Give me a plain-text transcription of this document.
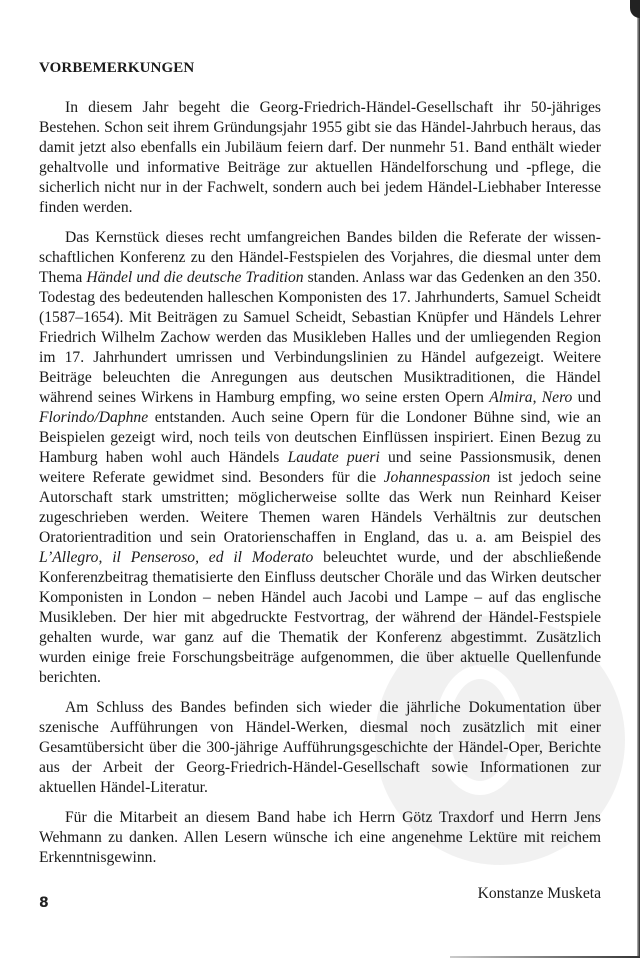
VORBEMERKUNGEN

In diesem Jahr begeht die Georg-Friedrich-Händel-Gesellschaft ihr 50-jähriges Bestehen. Schon seit ihrem Gründungsjahr 1955 gibt sie das Händel-Jahrbuch heraus, das damit jetzt also ebenfalls ein Jubiläum feiern darf. Der nunmehr 51. Band enthält wieder gehaltvolle und informative Beiträge zur aktuellen Händelforschung und -pflege, die sicherlich nicht nur in der Fachwelt, sondern auch bei jedem Händel-Liebhaber Interesse finden werden.

Das Kernstück dieses recht umfangreichen Bandes bilden die Referate der wissenschaftlichen Konferenz zu den Händel-Festspielen des Vorjahres, die diesmal unter dem Thema Händel und die deutsche Tradition standen. Anlass war das Gedenken an den 350. Todestag des bedeutenden halleschen Komponisten des 17. Jahrhunderts, Samuel Scheidt (1587–1654). Mit Beiträgen zu Samuel Scheidt, Sebastian Knüpfer und Händels Lehrer Friedrich Wilhelm Zachow werden das Musikleben Halles und der umliegenden Region im 17. Jahrhundert umrissen und Verbindungslinien zu Händel aufgezeigt. Weitere Beiträge beleuchten die Anregungen aus deutschen Musiktraditionen, die Händel während seines Wirkens in Hamburg empfing, wo seine ersten Opern Almira, Nero und Florindo/Daphne entstanden. Auch seine Opern für die Londoner Bühne sind, wie an Beispielen gezeigt wird, noch teils von deutschen Einflüssen inspiriert. Einen Bezug zu Hamburg haben wohl auch Händels Laudate pueri und seine Passionsmusik, denen weitere Referate gewidmet sind. Besonders für die Johannespassion ist jedoch seine Autorschaft stark umstritten; möglicherweise sollte das Werk nun Reinhard Keiser zugeschrieben werden. Weitere Themen waren Händels Verhältnis zur deutschen Oratorientradition und sein Oratorienschaffen in England, das u. a. am Beispiel des L’Allegro, il Penseroso, ed il Moderato beleuchtet wurde, und der abschließende Konferenzbeitrag thematisierte den Einfluss deutscher Choräle und das Wirken deutscher Komponisten in London – neben Händel auch Jacobi und Lampe – auf das englische Musikleben. Der hier mit abgedruckte Festvortrag, der während der Händel-Festspiele gehalten wurde, war ganz auf die Thematik der Konferenz abgestimmt. Zusätzlich wurden einige freie Forschungsbeiträge aufgenommen, die über aktuelle Quellenfunde berichten.

Am Schluss des Bandes befinden sich wieder die jährliche Dokumentation über szenische Aufführungen von Händel-Werken, diesmal noch zusätzlich mit einer Gesamtübersicht über die 300-jährige Aufführungsgeschichte der Händel-Oper, Berichte aus der Arbeit der Georg-Friedrich-Händel-Gesellschaft sowie Informationen zur aktuellen Händel-Literatur.

Für die Mitarbeit an diesem Band habe ich Herrn Götz Traxdorf und Herrn Jens Wehmann zu danken. Allen Lesern wünsche ich eine angenehme Lektüre mit reichem Erkenntnisgewinn.

Konstanze Musketa
8
